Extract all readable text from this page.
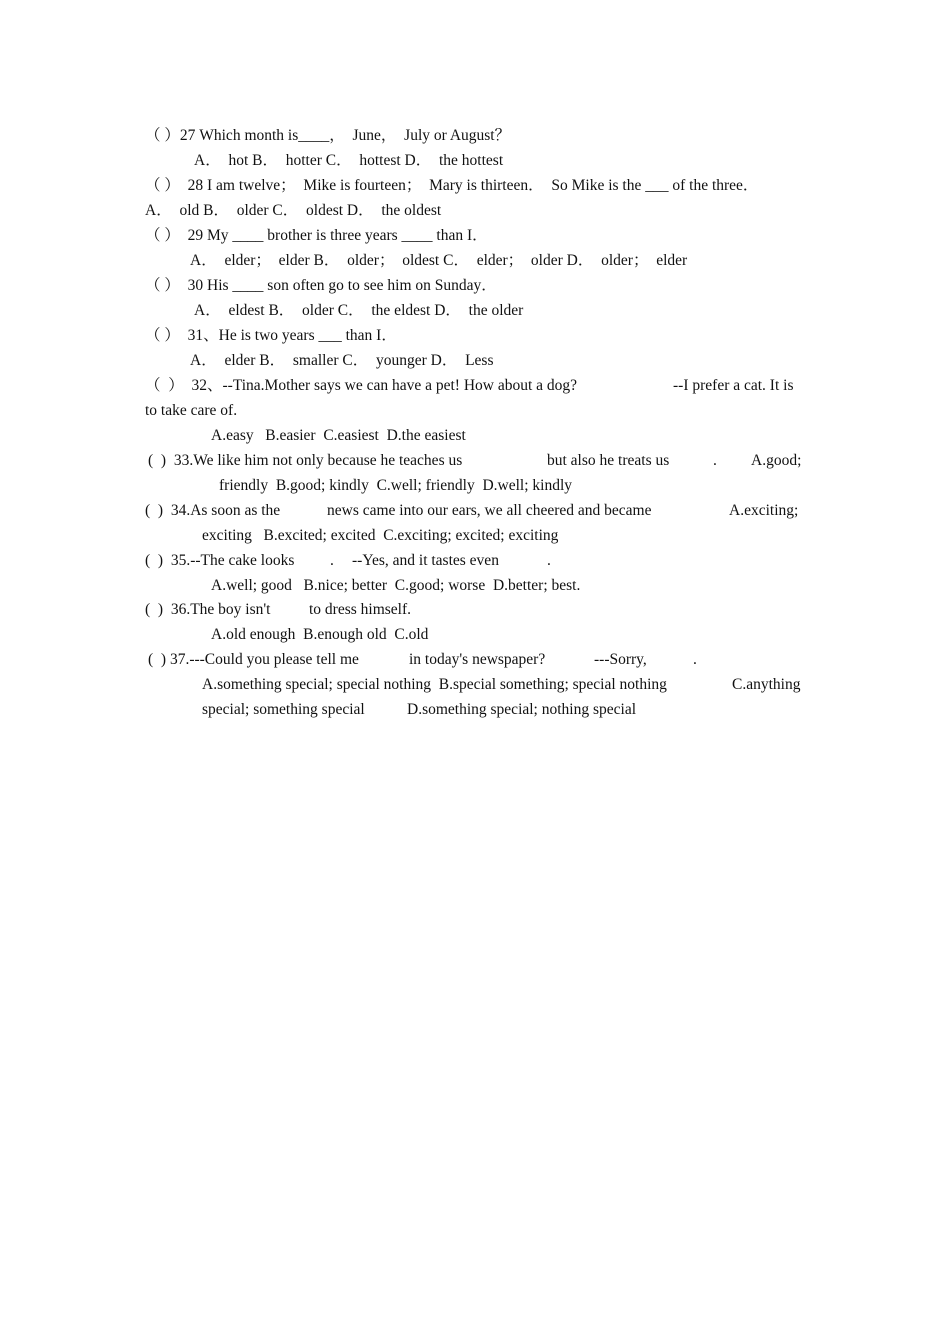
（ ）27 Which month is____，  June，  July or August？
A．  hot B．  hotter C．  hottest D．  the hottest
（ ）  28 I am twelve；  Mike is fourteen；  Mary is thirteen．  So Mike is the ___ of the three．
A．  old B．  older C．  oldest D．  the oldest
（ ）  29 My ____ brother is three years ____ than I．
A．  elder；  elder B．  older；  oldest C．  elder；  older D．  older；  elder
（ ）  30 His ____ son often go to see him on Sunday．
A．  eldest B．  older C．  the eldest D．  the older
（ ）  31、He is two years ___ than I．
A．  elder B．  smaller C．  younger D．  Less
（  ）  32、--Tina.Mother says we can have a pet! How about a dog?	--I prefer a cat. It is
to take care of.
A.easy   B.easier  C.easiest  D.the easiest
(  )  33.We like him not only because he teaches us	but also he treats us	. A.good;
friendly  B.good; kindly  C.well; friendly  D.well; kindly
(  )  34.As soon as the	news came into our ears, we all cheered and became	A.exciting;
exciting   B.excited; excited  C.exciting; excited; exciting
(  )  35.--The cake looks . --Yes, and it tastes even	.
A.well; good   B.nice; better  C.good; worse  D.better; best.
(  )  36.The boy isn't to dress himself.
A.old enough  B.enough old  C.old
(  ) 37.---Could you please tell me	in today's newspaper?	---Sorry,	.
A.something special; special nothing  B.special something; special nothing	C.anything
special; something special	D.something special; nothing special
